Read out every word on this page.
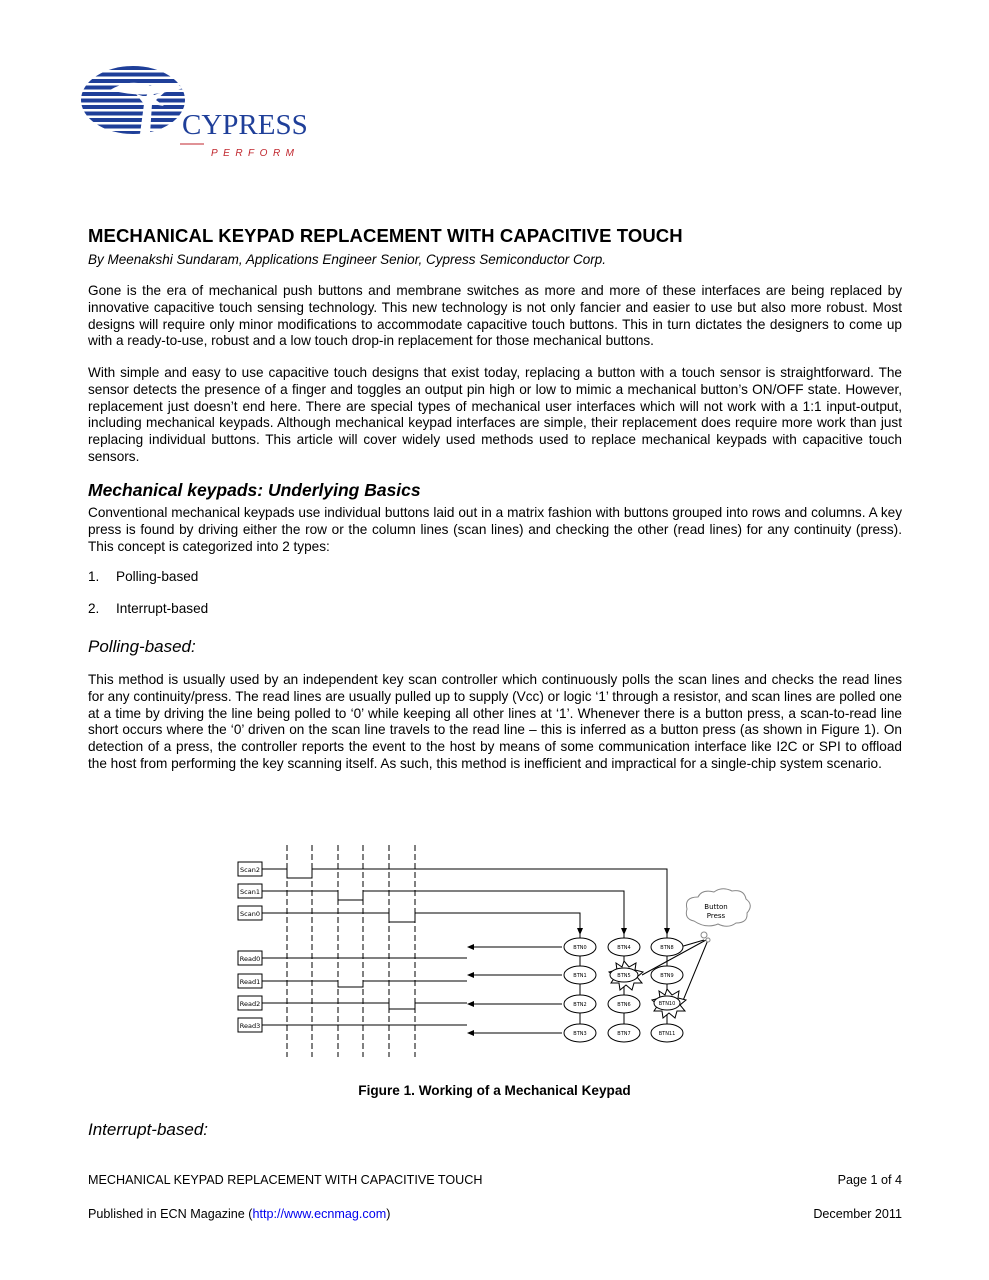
CYPRESS
PERFORM
MECHANICAL KEYPAD REPLACEMENT WITH CAPACITIVE TOUCH
By Meenakshi Sundaram, Applications Engineer Senior, Cypress Semiconductor Corp.

Gone is the era of mechanical push buttons and membrane switches as more and more of these interfaces are being replaced by innovative capacitive touch sensing technology. This new technology is not only fancier and easier to use but also more robust. Most designs will require only minor modifications to accommodate capacitive touch buttons. This in turn dictates the designers to come up with a ready-to-use, robust and a low touch drop-in replacement for those mechanical buttons.

With simple and easy to use capacitive touch designs that exist today, replacing a button with a touch sensor is straightforward. The sensor detects the presence of a finger and toggles an output pin high or low to mimic a mechanical button’s ON/OFF state. However, replacement just doesn’t end here. There are special types of mechanical user interfaces which will not work with a 1:1 input-output, including mechanical keypads. Although mechanical keypad interfaces are simple, their replacement does require more work than just replacing individual buttons. This article will cover widely used methods used to replace mechanical keypads with capacitive touch sensors.

Mechanical keypads: Underlying Basics

Conventional mechanical keypads use individual buttons laid out in a matrix fashion with buttons grouped into rows and columns. A key press is found by driving either the row or the column lines (scan lines) and checking the other (read lines) for any continuity (press). This concept is categorized into 2 types:

1. Polling-based
2. Interrupt-based
Polling-based:

This method is usually used by an independent key scan controller which continuously polls the scan lines and checks the read lines for any continuity/press. The read lines are usually pulled up to supply (Vcc) or logic ‘1’ through a resistor, and scan lines are polled one at a time by driving the line being polled to ‘0’ while keeping all other lines at ‘1’. Whenever there is a button press, a scan-to-read line short occurs where the ‘0’ driven on the scan line travels to the read line – this is inferred as a button press (as shown in Figure 1). On detection of a press, the controller reports the event to the host by means of some communication interface like I2C or SPI to offload the host from performing the key scanning itself. As such, this method is inefficient and impractical for a single-chip system scenario.

BTN0	BTN4	BTN8
BTN1	BTN5	BTN9
BTN2	BTN6	BTN10
BTN3	BTN7	BTN11
Scan2
Scan1
Scan0
Read0
Read1
Read2
Read3
Button
Press
Figure 1. Working of a Mechanical Keypad
Interrupt-based:
MECHANICAL KEYPAD REPLACEMENT WITH CAPACITIVE TOUCH	Page 1 of 4
Published in ECN Magazine (http://www.ecnmag.com)	December 2011
